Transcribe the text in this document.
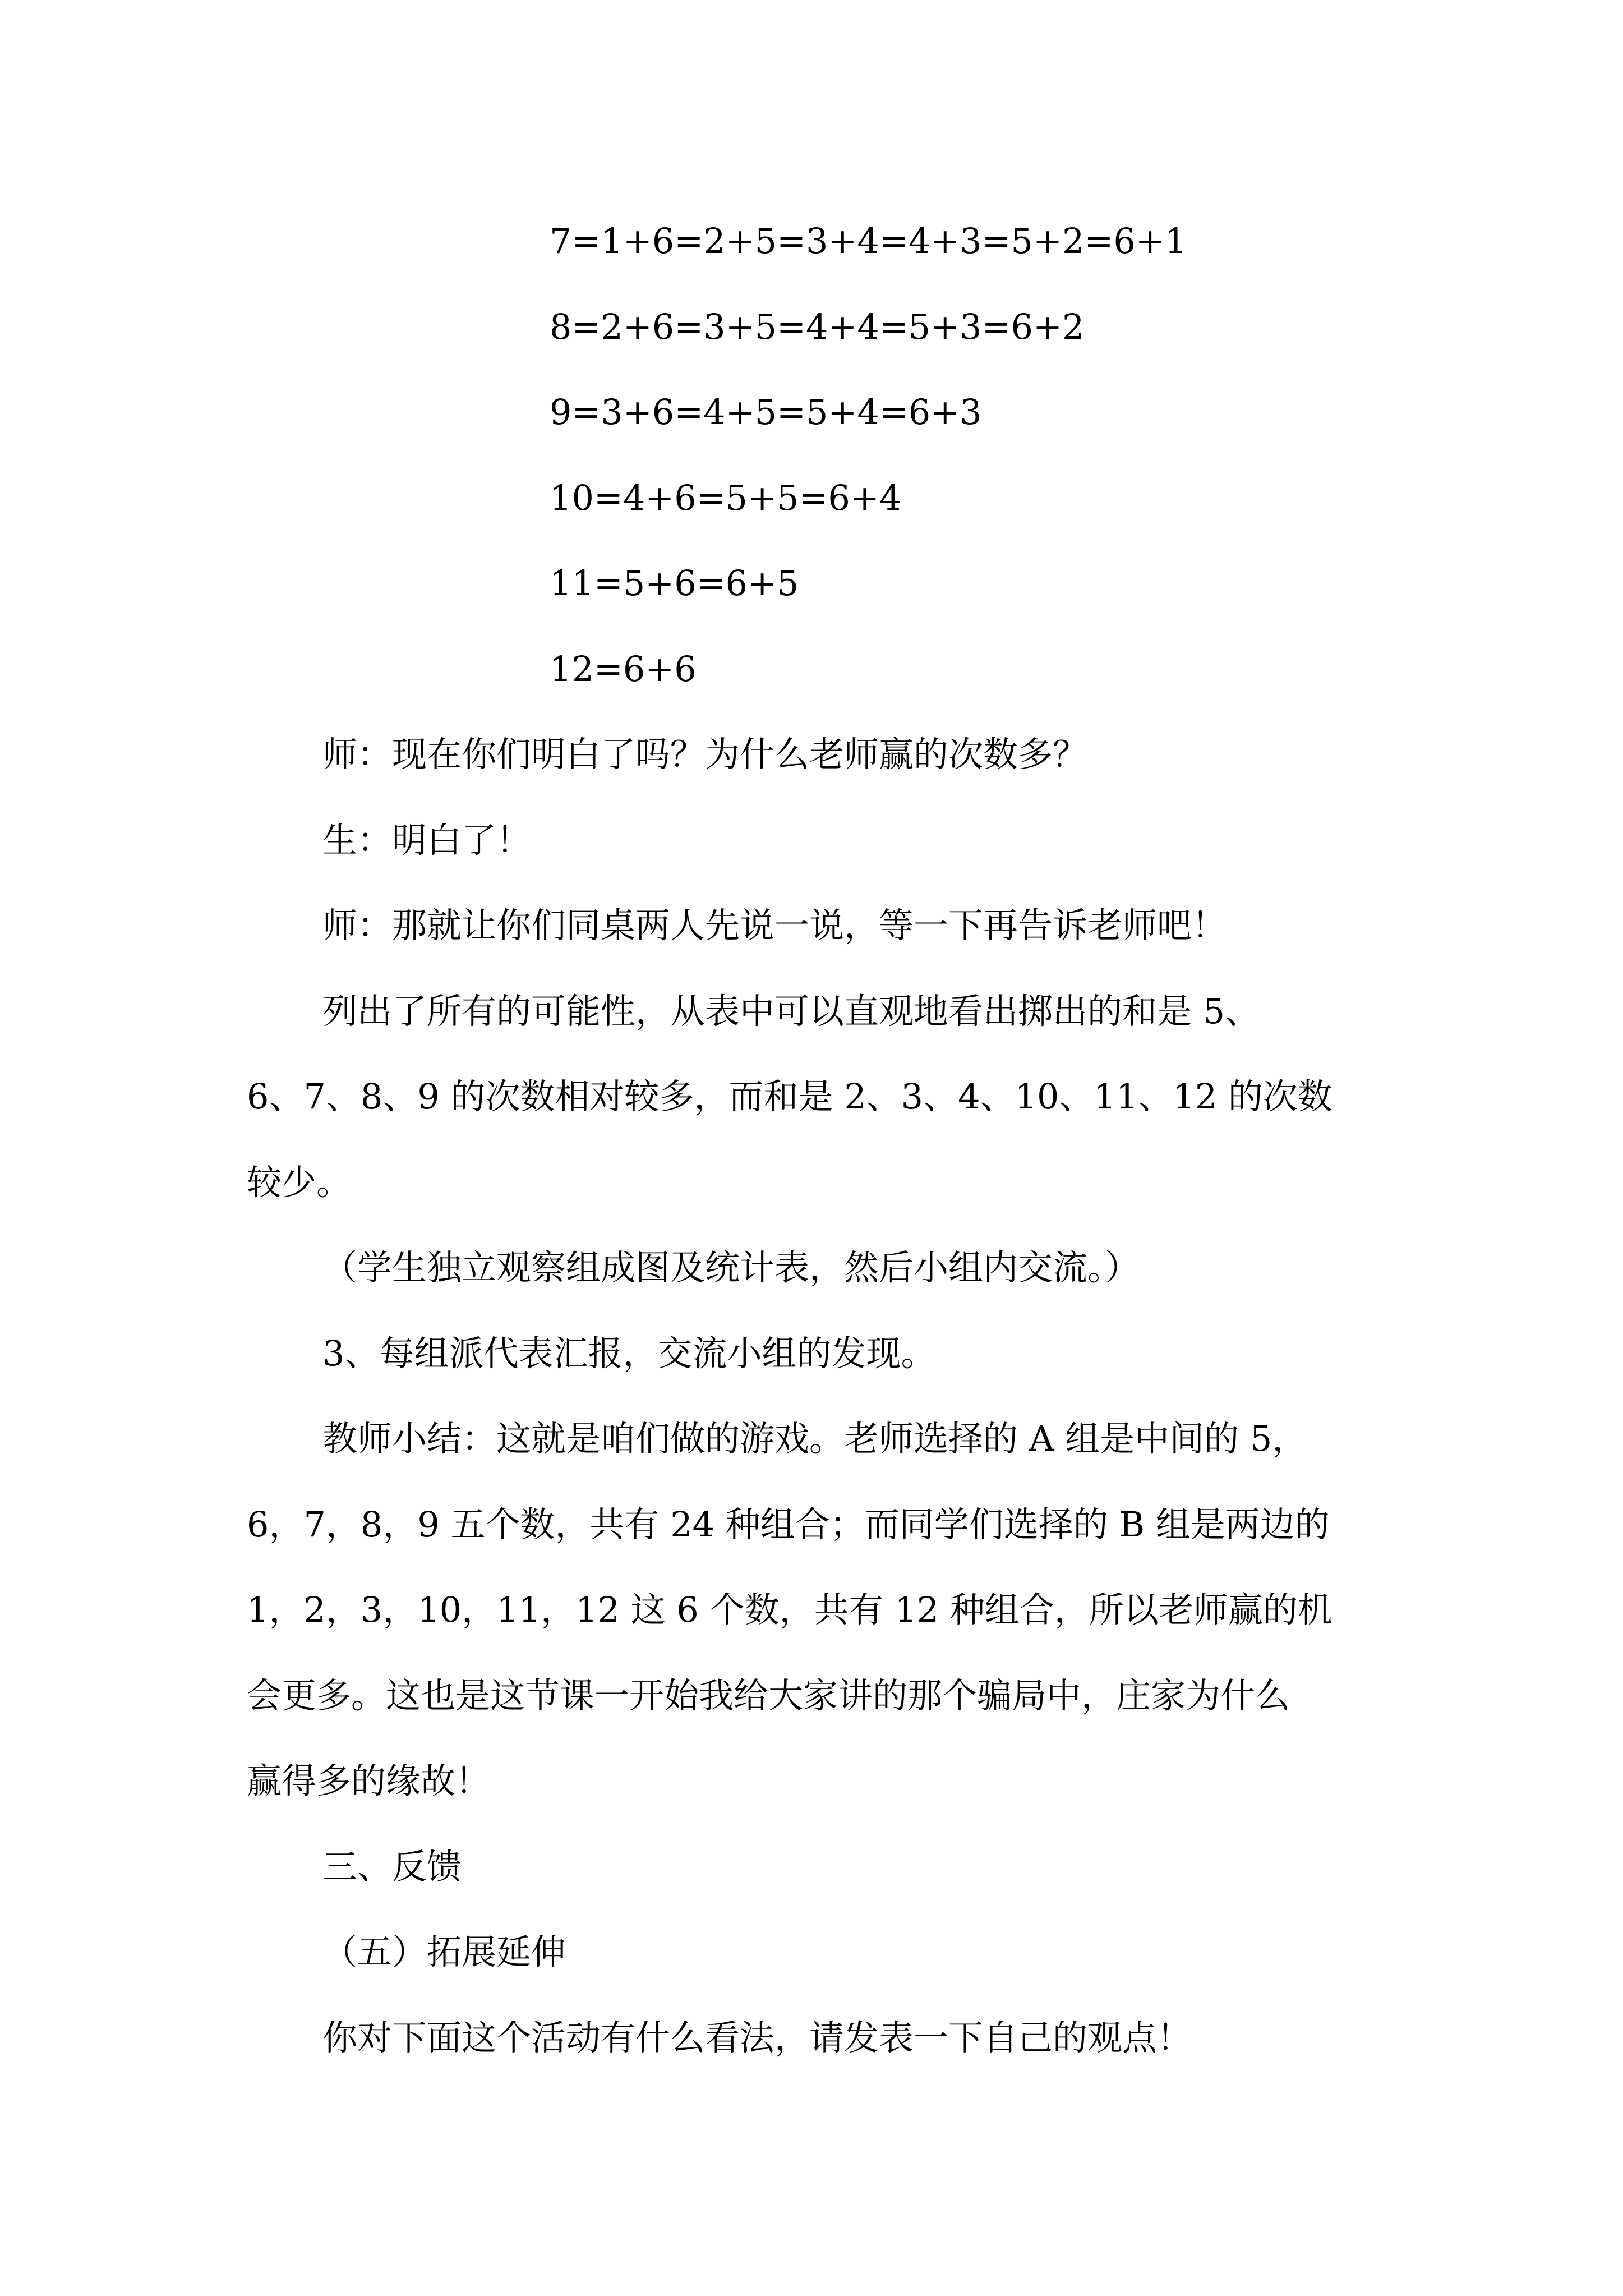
7=1+6=2+5=3+4=4+3=5+2=6+1
8=2+6=3+5=4+4=5+3=6+2
9=3+6=4+5=5+4=6+3
10=4+6=5+5=6+4
11=5+6=6+5
12=6+6
师：现在你们明白了吗？为什么老师赢的次数多？
生：明白了！
师：那就让你们同桌两人先说一说，等一下再告诉老师吧！
列出了所有的可能性，从表中可以直观地看出掷出的和是 5、
6、7、8、9 的次数相对较多，而和是 2、3、4、10、11、12 的次数
较少。
（学生独立观察组成图及统计表，然后小组内交流。）
3、每组派代表汇报，交流小组的发现。
教师小结：这就是咱们做的游戏。老师选择的 A 组是中间的 5，
6，7，8，9 五个数，共有 24 种组合；而同学们选择的 B 组是两边的
1，2，3，10，11，12 这 6 个数，共有 12 种组合，所以老师赢的机
会更多。这也是这节课一开始我给大家讲的那个骗局中，庄家为什么
赢得多的缘故！
三、反馈
（五）拓展延伸
你对下面这个活动有什么看法，请发表一下自己的观点！
